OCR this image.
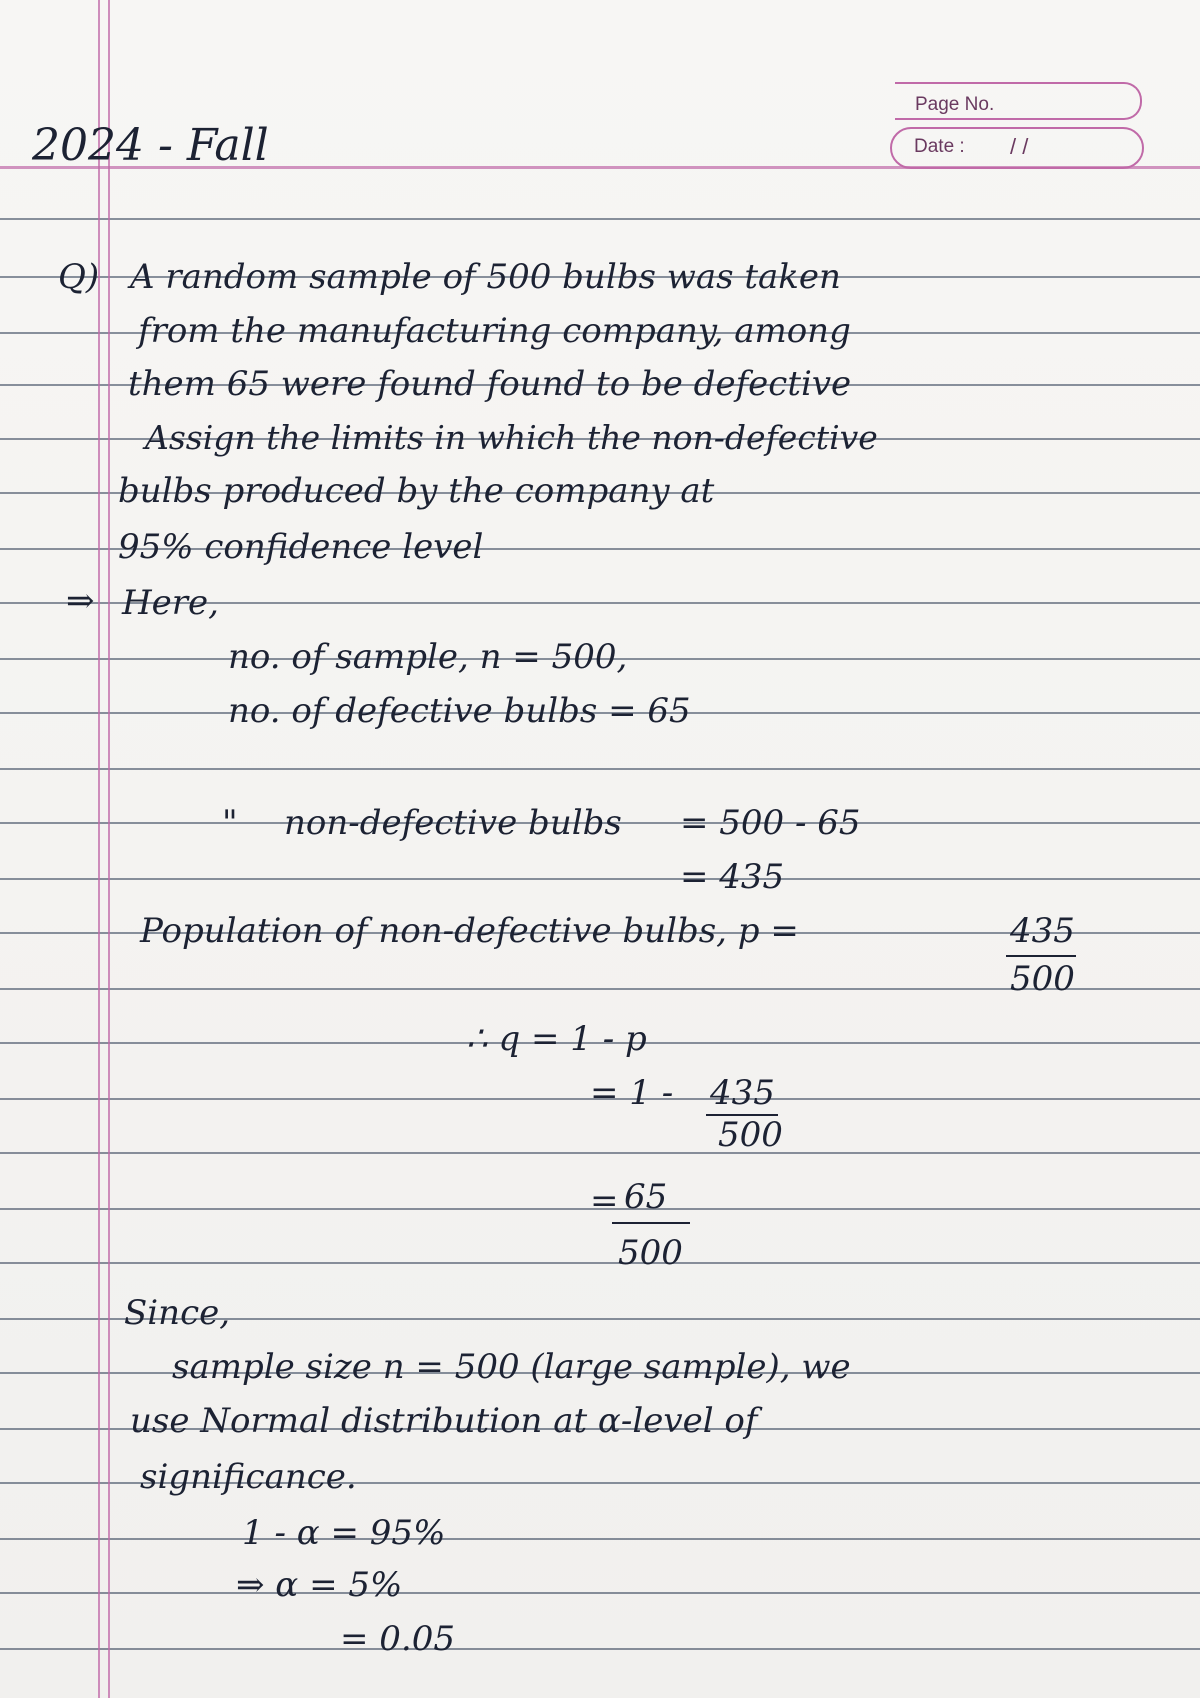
Page No.
Date : / /
2024 - Fall
Q) A random sample of 500 bulbs was taken
from the manufacturing company, among
them 65 were found found to be defective
Assign the limits in which the non-defective
bulbs produced by the company at
95% confidence level
⇒ Here,
no. of sample, n = 500,
no. of defective bulbs = 65
" non-defective bulbs = 500 - 65
= 435
Population of non-defective bulbs, p =	435
500
∴ q = 1 - p
= 1 - 435
500
= 65
500
Since,
sample size n = 500 (large sample), we
use Normal distribution at α-level of
significance.
1 - α = 95%
⇒ α = 5%
= 0.05
